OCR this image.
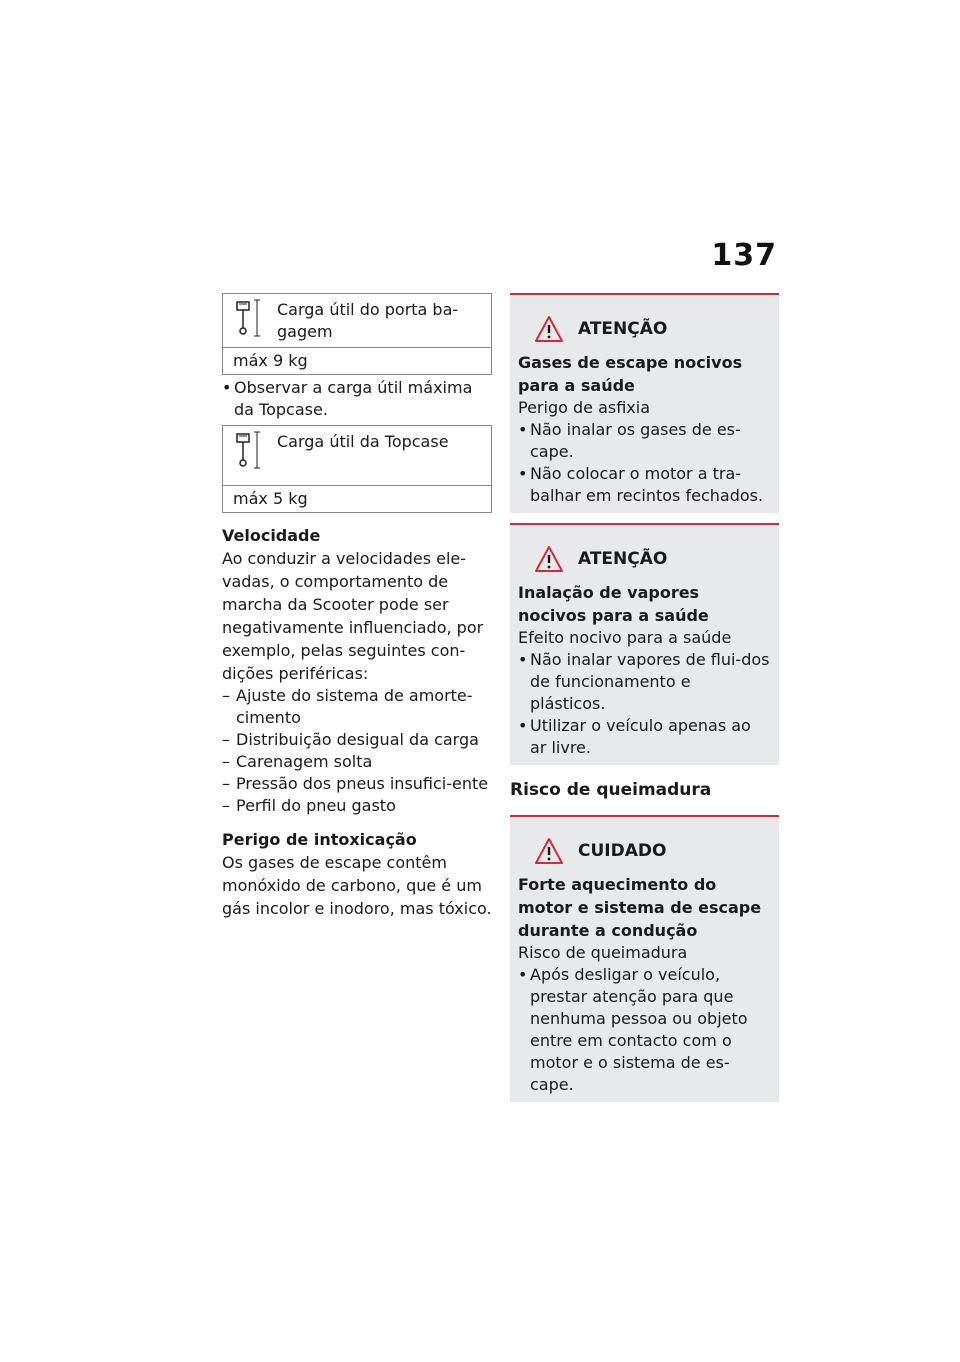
137
Carga útil do porta ba-gagem
máx 9 kg
• Observar a carga útil máxima da Topcase.
Carga útil da Topcase
máx 5 kg
Velocidade
Ao conduzir a velocidades ele-vadas, o comportamento de marcha da Scooter pode ser negativamente influenciado, por exemplo, pelas seguintes con-dições periféricas:
– Ajuste do sistema de amorte-cimento
– Distribuição desigual da carga
– Carenagem solta
– Pressão dos pneus insufici-ente
– Perfil do pneu gasto
Perigo de intoxicação
Os gases de escape contêm monóxido de carbono, que é um gás incolor e inodoro, mas tóxico.
ATENÇÃO
Gases de escape nocivos para a saúde
Perigo de asfixia
• Não inalar os gases de es-cape.
• Não colocar o motor a tra-balhar em recintos fechados.
ATENÇÃO
Inalação de vapores nocivos para a saúde
Efeito nocivo para a saúde
• Não inalar vapores de flui-dos de funcionamento e plásticos.
• Utilizar o veículo apenas ao ar livre.
Risco de queimadura
CUIDADO
Forte aquecimento do motor e sistema de escape durante a condução
Risco de queimadura
• Após desligar o veículo, prestar atenção para que nenhuma pessoa ou objeto entre em contacto com o motor e o sistema de es-cape.
